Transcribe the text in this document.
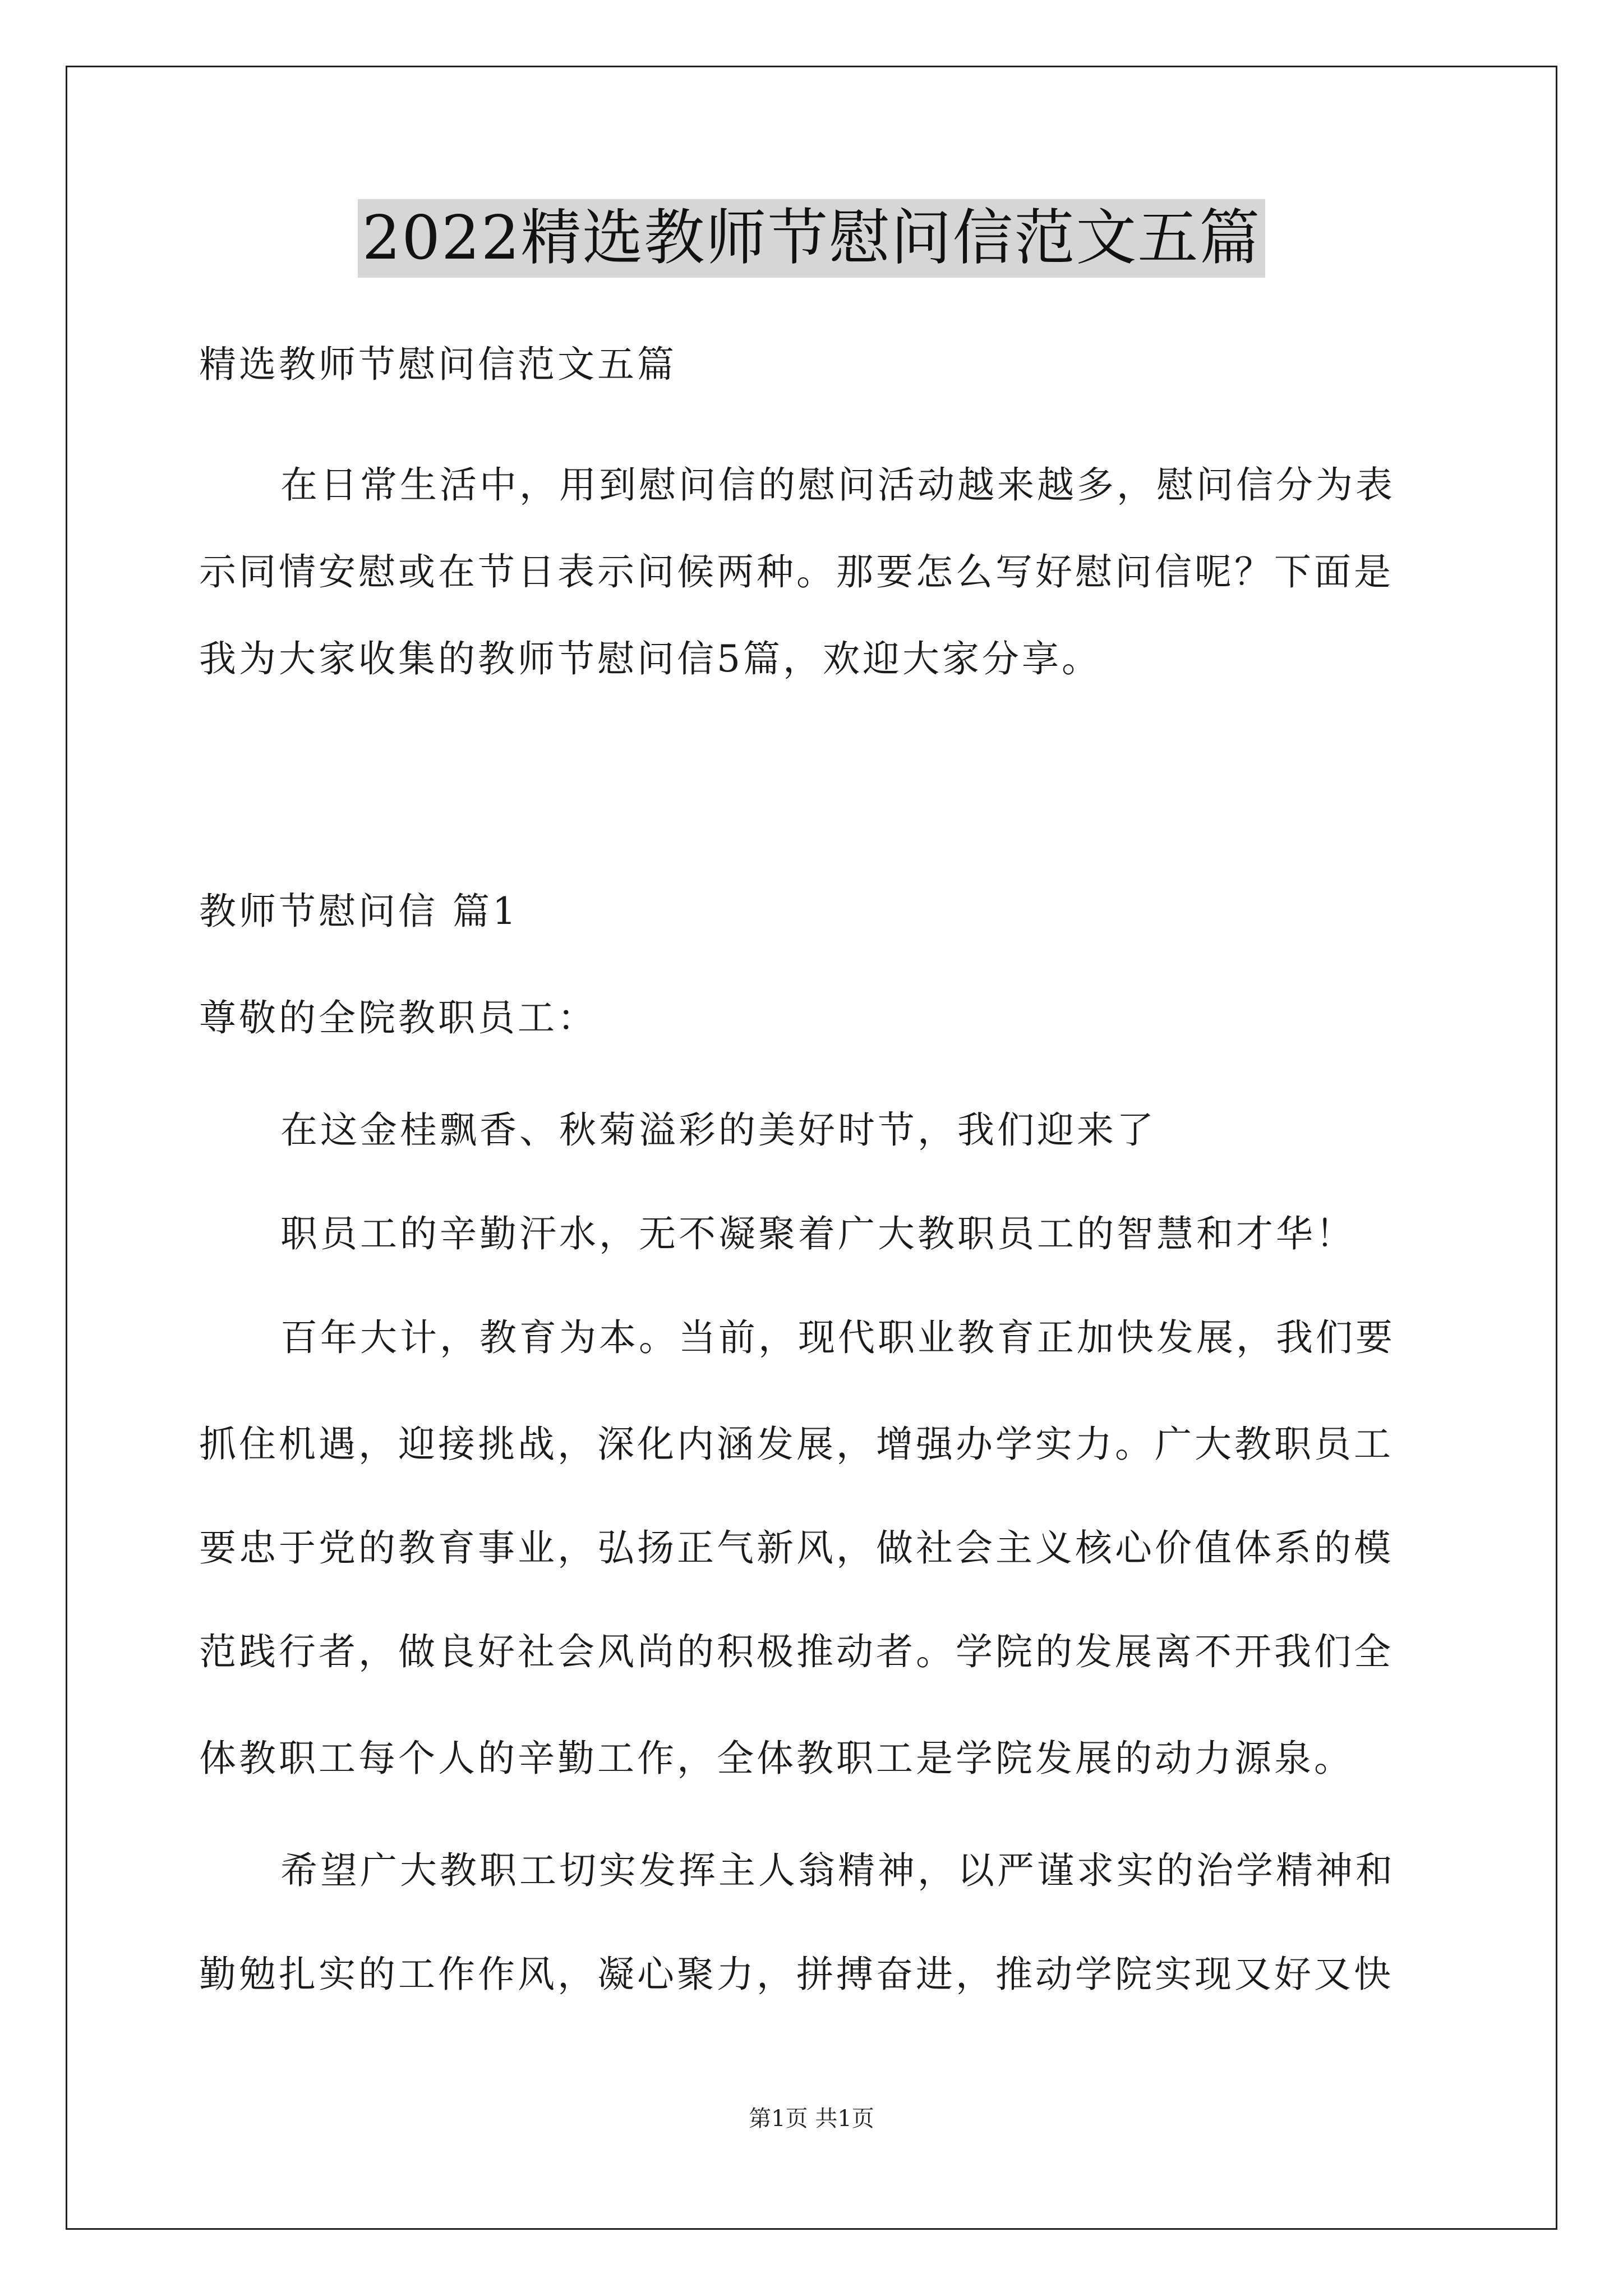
2022精选教师节慰问信范文五篇
精选教师节慰问信范文五篇
在日常生活中，用到慰问信的慰问活动越来越多，慰问信分为表
示同情安慰或在节日表示问候两种。那要怎么写好慰问信呢？下面是
我为大家收集的教师节慰问信5篇，欢迎大家分享。
教师节慰问信 篇1
尊敬的全院教职员工：
在这金桂飘香、秋菊溢彩的美好时节，我们迎来了
职员工的辛勤汗水，无不凝聚着广大教职员工的智慧和才华！
百年大计，教育为本。当前，现代职业教育正加快发展，我们要
抓住机遇，迎接挑战，深化内涵发展，增强办学实力。广大教职员工
要忠于党的教育事业，弘扬正气新风，做社会主义核心价值体系的模
范践行者，做良好社会风尚的积极推动者。学院的发展离不开我们全
体教职工每个人的辛勤工作，全体教职工是学院发展的动力源泉。
希望广大教职工切实发挥主人翁精神，以严谨求实的治学精神和
勤勉扎实的工作作风，凝心聚力，拼搏奋进，推动学院实现又好又快
第1页 共1页
